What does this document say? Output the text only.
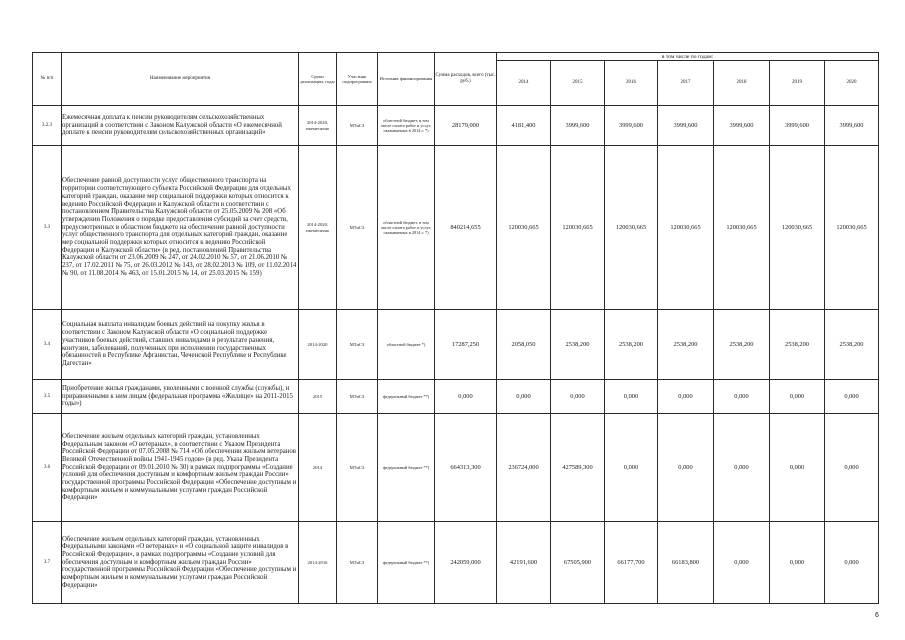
№ п/п	Наименование мероприятия	Сроки реализации, годы	Участник подпрограммы	Источник финансирования	Сумма расходов, всего (тыс. руб.)	в том числе по годам:						
						2014	2015	2016	2017	2018	2019	2020
3.2.3	Ежемесячная доплата к пенсии руководителям сельскохозяйственных организаций в соответствии с Законом Калужской области «О ежемесячной доплате к пенсии руководителям сельскохозяйственных организаций»	2014-2020, ежемесячно	МТиСЗ	областной бюджет, в том числе оплата работ и услуг, оказываемых в 2014 г. *)	28179,000	4181,400	3999,600	3999,600	3999,600	3999,600	3999,600	3999,600
3.3	Обеспечение равной доступности услуг общественного транспорта на территории соответствующего субъекта Российской Федерации для отдельных категорий граждан, оказание мер социальной поддержки которых относится к ведению Российской Федерации и Калужской области в соответствии с постановлением Правительства Калужской области от 25.05.2009 № 208 «Об утверждении Положения о порядке предоставления субсидий за счет средств, предусмотренных в областном бюджете на обеспечение равной доступности услуг общественного транспорта для отдельных категорий граждан, оказание мер социальной поддержки которых относится к ведению Российской Федерации и Калужской области» (в ред. постановлений Правительства Калужской области от 23.06.2009 № 247, от 24.02.2010 № 57, от 21.06.2010 № 237, от 17.02.2011 № 75, от 26.03.2012 № 143, от 28.02.2013 № 109, от 11.02.2014 № 90, от 11.08.2014 № 463, от 15.01.2015 № 14, от 25.03.2015 № 159)	2014-2020, ежемесячно	МТиСЗ	областной бюджет, в том числе оплата работ и услуг, оказываемых в 2014 г. *)	840214,655	120030,665	120030,665	120030,665	120030,665	120030,665	120030,665	120030,665
3.4	Социальная выплата инвалидам боевых действий на покупку жилья в соответствии с Законом Калужской области «О социальной поддержке участников боевых действий, ставших инвалидами в результате ранения, контузии, заболеваний, полученных при исполнении государственных обязанностей в Республике Афганистан, Чеченской Республике и Республике Дагестан»	2014-2020	МТиСЗ	областной бюджет *)	17287,250	2058,050	2538,200	2538,200	2538,200	2538,200	2538,200	2538,200
3.5	Приобретение жилья гражданами, уволенными с военной службы (службы), и приравненными к ним лицам (федеральная программа «Жилище» на 2011-2015 годы»)	2015	МТиСЗ	федеральный бюджет **)	0,000	0,000	0,000	0,000	0,000	0,000	0,000	0,000
3.6	Обеспечение жильем отдельных категорий граждан, установленных Федеральным законом «О ветеранах», в соответствии с Указом Президента Российской Федерации от 07.05.2008 № 714 «Об обеспечении жильем ветеранов Великой Отечественной войны 1941-1945 годов» (в ред. Указа Президента Российской Федерации от 09.01.2010 № 30) в рамках подпрограммы «Создание условий для обеспечения доступным и комфортным жильем граждан России» государственной программы Российской Федерации «Обеспечение доступным и комфортным жильем и коммунальными услугами граждан Российской Федерации»	2014	МТиСЗ	федеральный бюджет **)	664313,300	236724,000	427589,300	0,000	0,000	0,000	0,000	0,000
3.7	Обеспечение жильем отдельных категорий граждан, установленных Федеральными законами «О ветеранах» и «О социальной защите инвалидов в Российской Федерации», в рамках подпрограммы «Создание условий для обеспечения доступным и комфортным жильем граждан России» государственной программы Российской Федерации «Обеспечение доступным и комфортным жильем и коммунальными услугами граждан Российской Федерации»	2014-2016	МТиСЗ	федеральный бюджет **)	242059,000	42191,600	67505,900	66177,700	66183,800	0,000	0,000	0,000
6
